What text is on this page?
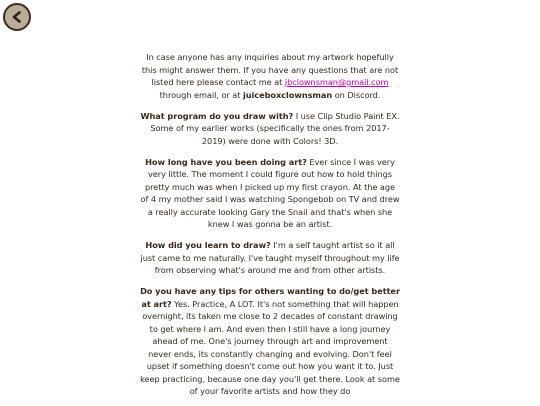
In case anyone has any inquiries about my artwork hopefully this might answer them. If you have any questions that are not listed here please contact me at jbclownsman@gmail.com through email, or at juiceboxclownsman on Discord.

What program do you draw with? I use Clip Studio Paint EX. Some of my earlier works (specifically the ones from 2017-2019) were done with Colors! 3D.

How long have you been doing art? Ever since I was very very little. The moment I could figure out how to hold things pretty much was when I picked up my first crayon. At the age of 4 my mother said I was watching Spongebob on TV and drew a really accurate looking Gary the Snail and that's when she knew I was gonna be an artist.

How did you learn to draw? I'm a self taught artist so it all just came to me naturally. I've taught myself throughout my life from observing what's around me and from other artists.

Do you have any tips for others wanting to do/get better at art? Yes. Practice, A LOT. It's not something that will happen overnight, its taken me close to 2 decades of constant drawing to get where I am. And even then I still have a long journey ahead of me. One's journey through art and improvement never ends, its constantly changing and evolving. Don't feel upset if something doesn't come out how you want it to. Just keep practicing, because one day you'll get there. Look at some of your favorite artists and how they do
